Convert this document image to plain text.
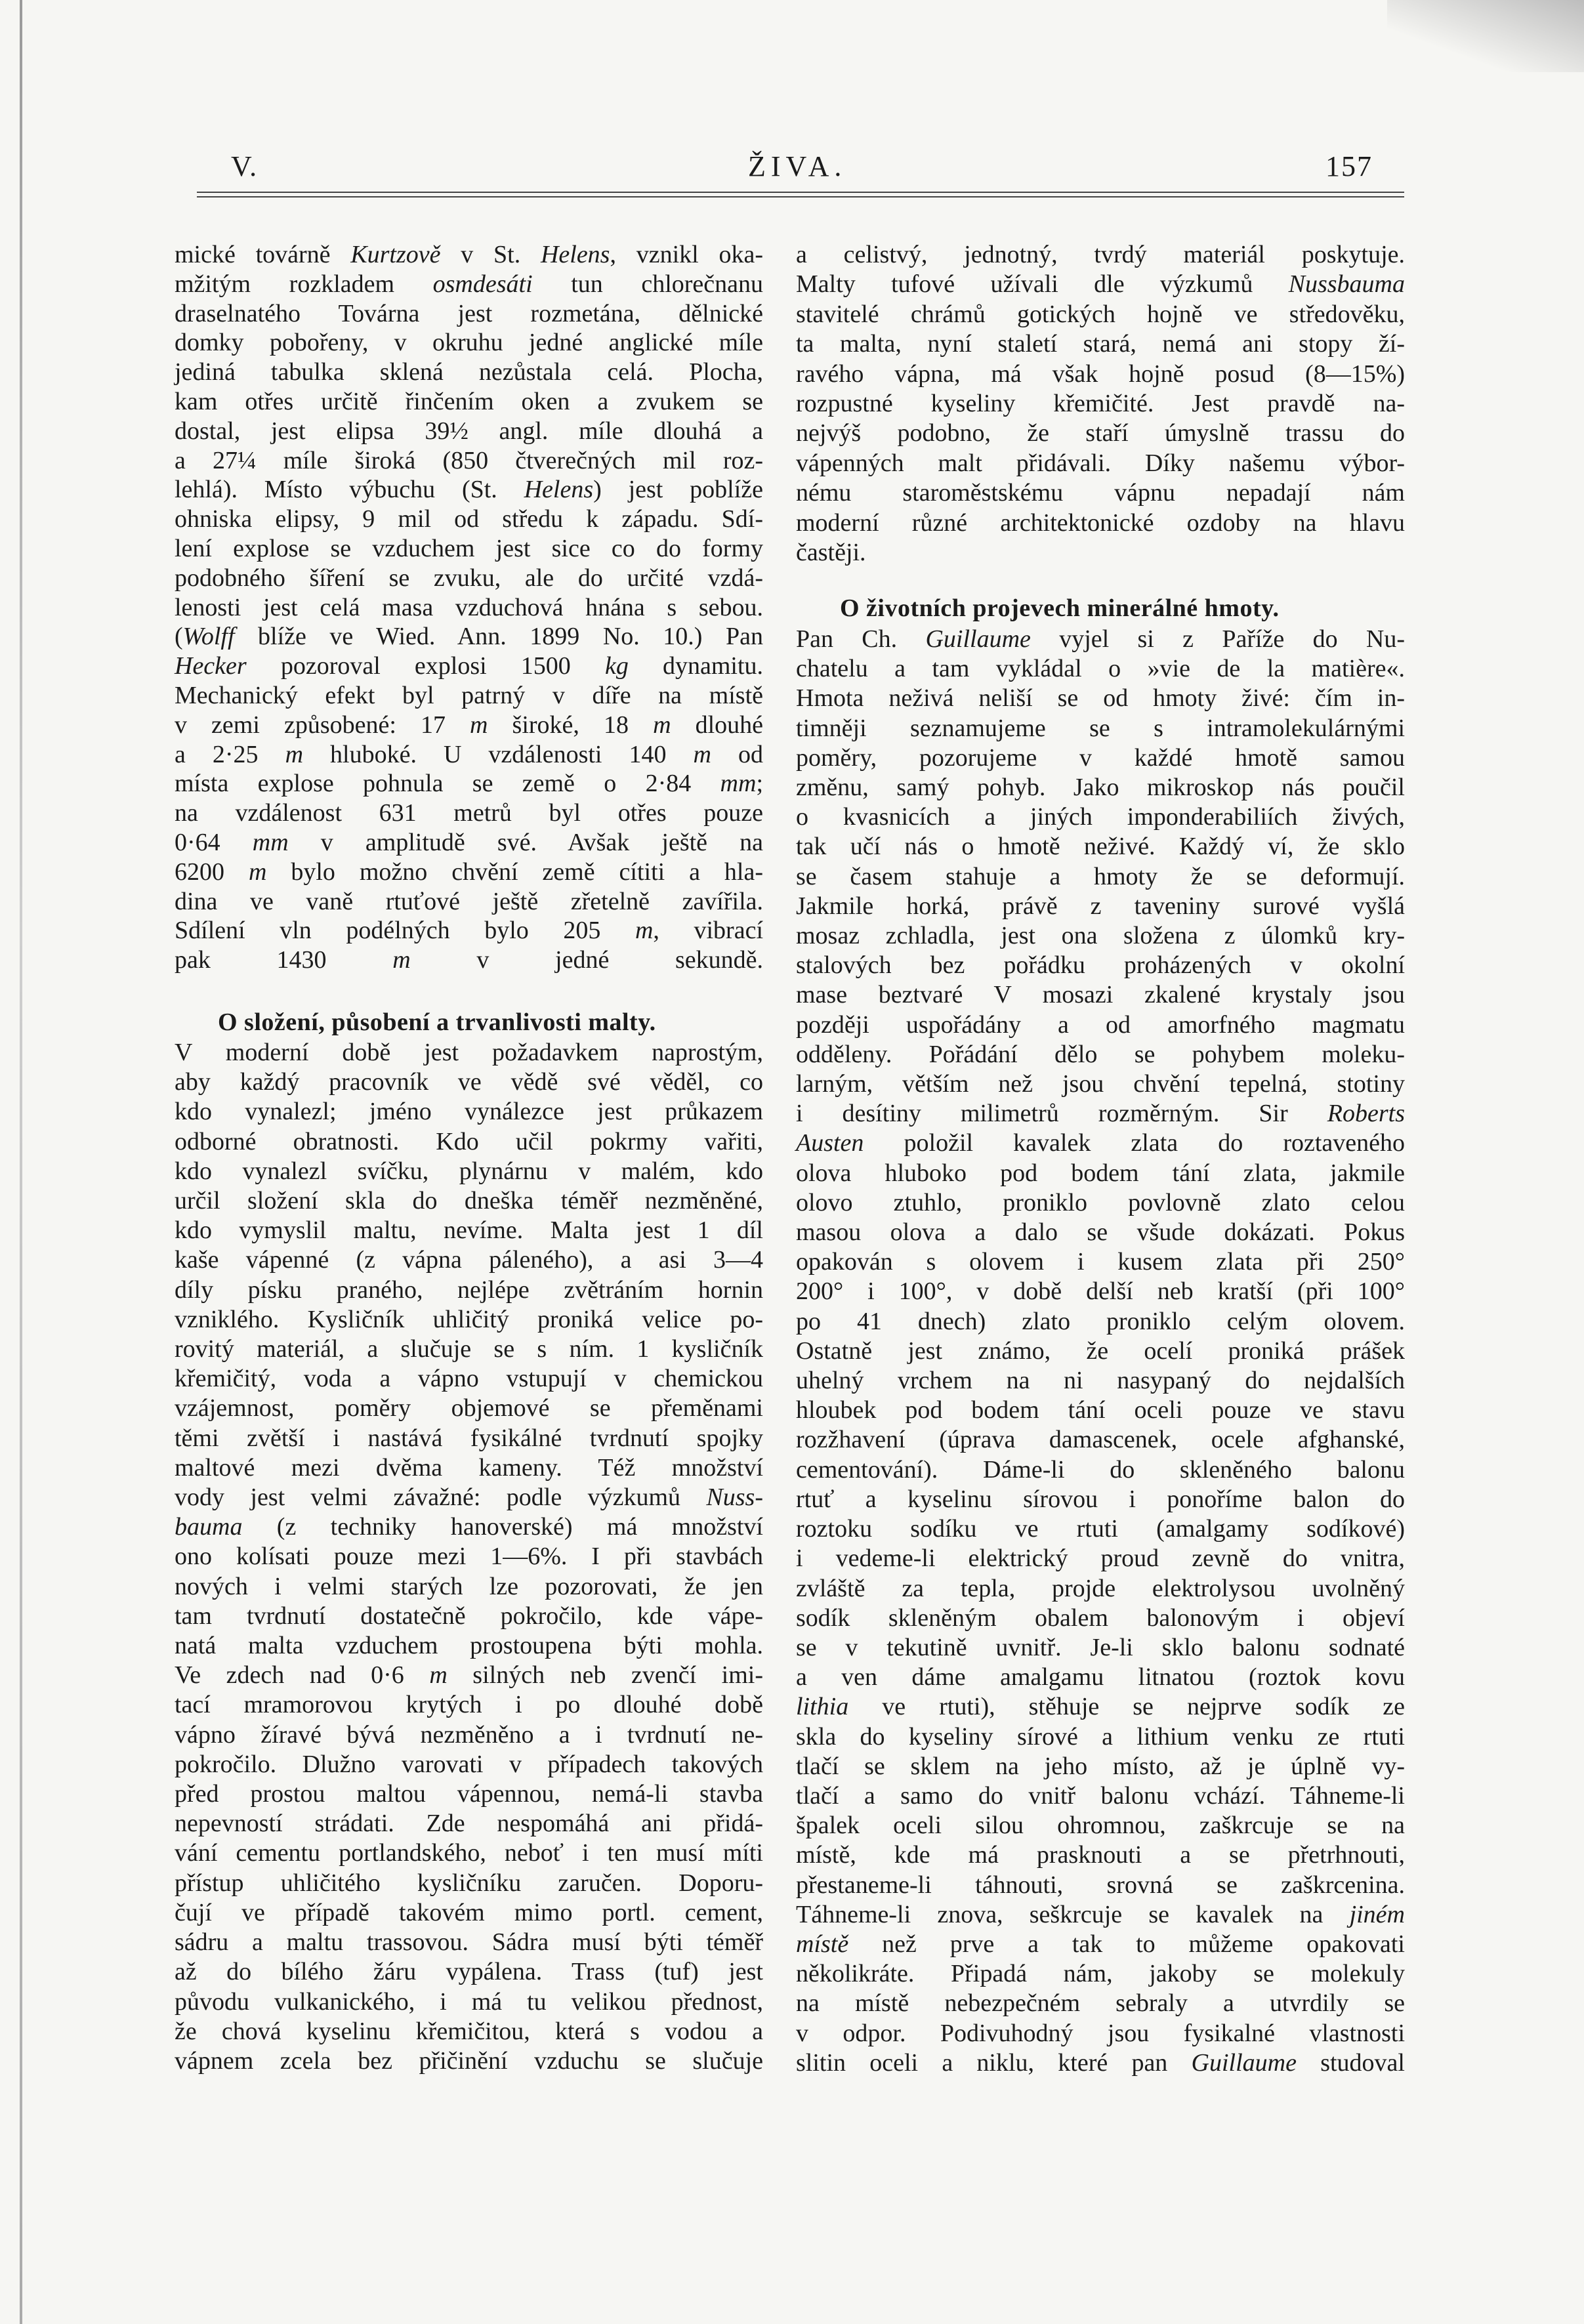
V.	ŽIVA.	157
mické továrně Kurtzově v St. Helens, vznikl oka-
mžitým rozkladem osmdesáti tun chlorečnanu
draselnatého Továrna jest rozmetána, dělnické
domky pobořeny, v okruhu jedné anglické míle
jediná tabulka sklená nezůstala celá. Plocha,
kam otřes určitě řinčením oken a zvukem se
dostal, jest elipsa 39½ angl. míle dlouhá a
a 27¼ míle široká (850 čtverečných mil roz-
lehlá). Místo výbuchu (St. Helens) jest poblíže
ohniska elipsy, 9 mil od středu k západu. Sdí-
lení explose se vzduchem jest sice co do formy
podobného šíření se zvuku, ale do určité vzdá-
lenosti jest celá masa vzduchová hnána s sebou.
(Wolff blíže ve Wied. Ann. 1899 No. 10.) Pan
Hecker pozoroval explosi 1500 kg dynamitu.
Mechanický efekt byl patrný v díře na místě
v zemi způsobené: 17 m široké, 18 m dlouhé
a 2·25 m hluboké. U vzdálenosti 140 m od
místa explose pohnula se země o 2·84 mm;
na vzdálenost 631 metrů byl otřes pouze
0·64 mm v amplitudě své. Avšak ještě na
6200 m bylo možno chvění země cítiti a hla-
dina ve vaně rtuťové ještě zřetelně zavířila.
Sdílení vln podélných bylo 205 m, vibrací
pak 1430 m v jedné sekundě.
O složení, působení a trvanlivosti malty.
V moderní době jest požadavkem naprostým,
aby každý pracovník ve vědě své věděl, co
kdo vynalezl; jméno vynálezce jest průkazem
odborné obratnosti. Kdo učil pokrmy vařiti,
kdo vynalezl svíčku, plynárnu v malém, kdo
určil složení skla do dneška téměř nezměněné,
kdo vymyslil maltu, nevíme. Malta jest 1 díl
kaše vápenné (z vápna páleného), a asi 3—4
díly písku praného, nejlépe zvětráním hornin
vzniklého. Kysličník uhličitý proniká velice po-
rovitý materiál, a slučuje se s ním. 1 kysličník
křemičitý, voda a vápno vstupují v chemickou
vzájemnost, poměry objemové se přeměnami
těmi zvětší i nastává fysikálné tvrdnutí spojky
maltové mezi dvěma kameny. Též množství
vody jest velmi závažné: podle výzkumů Nuss-
bauma (z techniky hanoverské) má množství
ono kolísati pouze mezi 1—6%. I při stavbách
nových i velmi starých lze pozorovati, že jen
tam tvrdnutí dostatečně pokročilo, kde vápe-
natá malta vzduchem prostoupena býti mohla.
Ve zdech nad 0·6 m silných neb zvenčí imi-
tací mramorovou krytých i po dlouhé době
vápno žíravé bývá nezměněno a i tvrdnutí ne-
pokročilo. Dlužno varovati v případech takových
před prostou maltou vápennou, nemá-li stavba
nepevností strádati. Zde nespomáhá ani přidá-
vání cementu portlandského, neboť i ten musí míti
přístup uhličitého kysličníku zaručen. Doporu-
čují ve případě takovém mimo portl. cement,
sádru a maltu trassovou. Sádra musí býti téměř
až do bílého žáru vypálena. Trass (tuf) jest
původu vulkanického, i má tu velikou přednost,
že chová kyselinu křemičitou, která s vodou a
vápnem zcela bez přičinění vzduchu se slučuje
a celistvý, jednotný, tvrdý materiál poskytuje.
Malty tufové užívali dle výzkumů Nussbauma
stavitelé chrámů gotických hojně ve středověku,
ta malta, nyní staletí stará, nemá ani stopy ží-
ravého vápna, má však hojně posud (8—15%)
rozpustné kyseliny křemičité. Jest pravdě na-
nejvýš podobno, že staří úmyslně trassu do
vápenných malt přidávali. Díky našemu výbor-
nému staroměstskému vápnu nepadají nám
moderní různé architektonické ozdoby na hlavu
častěji.
O životních projevech minerálné hmoty.
Pan Ch. Guillaume vyjel si z Paříže do Nu-
chatelu a tam vykládal o »vie de la matière«.
Hmota neživá neliší se od hmoty živé: čím in-
timněji seznamujeme se s intramolekulárnými
poměry, pozorujeme v každé hmotě samou
změnu, samý pohyb. Jako mikroskop nás poučil
o kvasnicích a jiných imponderabiliích živých,
tak učí nás o hmotě neživé. Každý ví, že sklo
se časem stahuje a hmoty že se deformují.
Jakmile horká, právě z taveniny surové vyšlá
mosaz zchladla, jest ona složena z úlomků kry-
stalových bez pořádku proházených v okolní
mase beztvaré V mosazi zkalené krystaly jsou
později uspořádány a od amorfného magmatu
odděleny. Pořádání dělo se pohybem moleku-
larným, větším než jsou chvění tepelná, stotiny
i desítiny milimetrů rozměrným. Sir Roberts
Austen položil kavalek zlata do roztaveného
olova hluboko pod bodem tání zlata, jakmile
olovo ztuhlo, proniklo povlovně zlato celou
masou olova a dalo se všude dokázati. Pokus
opakován s olovem i kusem zlata při 250°
200° i 100°, v době delší neb kratší (při 100°
po 41 dnech) zlato proniklo celým olovem.
Ostatně jest známo, že ocelí proniká prášek
uhelný vrchem na ni nasypaný do nejdalších
hloubek pod bodem tání oceli pouze ve stavu
rozžhavení (úprava damascenek, ocele afghanské,
cementování). Dáme-li do skleněného balonu
rtuť a kyselinu sírovou i ponoříme balon do
roztoku sodíku ve rtuti (amalgamy sodíkové)
i vedeme-li elektrický proud zevně do vnitra,
zvláště za tepla, projde elektrolysou uvolněný
sodík skleněným obalem balonovým i objeví
se v tekutině uvnitř. Je-li sklo balonu sodnaté
a ven dáme amalgamu litnatou (roztok kovu
lithia ve rtuti), stěhuje se nejprve sodík ze
skla do kyseliny sírové a lithium venku ze rtuti
tlačí se sklem na jeho místo, až je úplně vy-
tlačí a samo do vnitř balonu vchází. Táhneme-li
špalek oceli silou ohromnou, zaškrcuje se na
místě, kde má prasknouti a se přetrhnouti,
přestaneme-li táhnouti, srovná se zaškrcenina.
Táhneme-li znova, seškrcuje se kavalek na jiném
místě než prve a tak to můžeme opakovati
několikráte. Připadá nám, jakoby se molekuly
na místě nebezpečném sebraly a utvrdily se
v odpor. Podivuhodný jsou fysikalné vlastnosti
slitin oceli a niklu, které pan Guillaume studoval
